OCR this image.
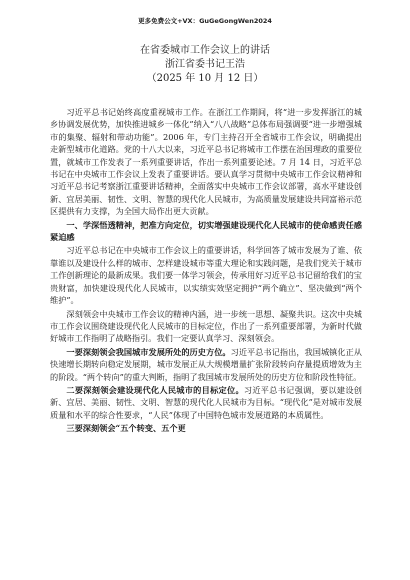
更多免费公文+VX：GuGeGongWen2024
在省委城市工作会议上的讲话
浙江省委书记王浩
（2025 年 10 月 12 日）

习近平总书记始终高度重视城市工作。在浙江工作期间，将“进一步发挥浙江的城乡协调发展优势，加快推进城乡一体化”纳入“八八战略”总体布局强调要“进一步增强城市的集聚、辐射和带动功能”。2006 年，专门主持召开全省城市工作会议，明确提出走新型城市化道路。党的十八大以来，习近平总书记将城市工作摆在治国理政的重要位置，就城市工作发表了一系列重要讲话，作出一系列重要论述。7 月 14 日，习近平总书记在中央城市工作会议上发表了重要讲话。要认真学习贯彻中央城市工作会议精神和习近平总书记考察浙江重要讲话精神，全面落实中央城市工作会议部署，高水平建设创新、宜居美丽、韧性、文明、智慧的现代化人民城市，为高质量发展建设共同富裕示范区提供有力支撑，为全国大局作出更大贡献。

一、学深悟透精神，把准方向定位，切实增强建设现代化人民城市的使命感责任感紧迫感

习近平总书记在中央城市工作会议上的重要讲话，科学回答了城市发展为了谁、依靠谁以及建设什么样的城市、怎样建设城市等重大理论和实践问题，是我们党关于城市工作创新理论的最新成果。我们要一体学习领会，传承用好习近平总书记留给我们的宝贵财富，加快建设现代化人民城市，以实绩实效坚定拥护“两个确立”、坚决做到“两个维护”。

深刻领会中央城市工作会议的精神内涵，进一步统一思想、凝聚共识。这次中央城市工作会议围绕建设现代化人民城市的目标定位，作出了一系列重要部署，为新时代做好城市工作指明了战略指引。我们一定要认真学习、深刻领会。

一要深刻领会我国城市发展所处的历史方位。习近平总书记指出，我国城镇化正从快速增长期转向稳定发展期，城市发展正从大规模增量扩张阶段转向存量提质增效为主的阶段。“两个转向”的重大判断，指明了我国城市发展所处的历史方位和阶段性特征。

二要深刻领会建设现代化人民城市的目标定位。习近平总书记强调，要以建设创新、宜居、美丽、韧性、文明、智慧的现代化人民城市为目标。“现代化”是对城市发展质量和水平的综合性要求，“人民”体现了中国特色城市发展道路的本质属性。

三要深刻领会“五个转变、五个更
